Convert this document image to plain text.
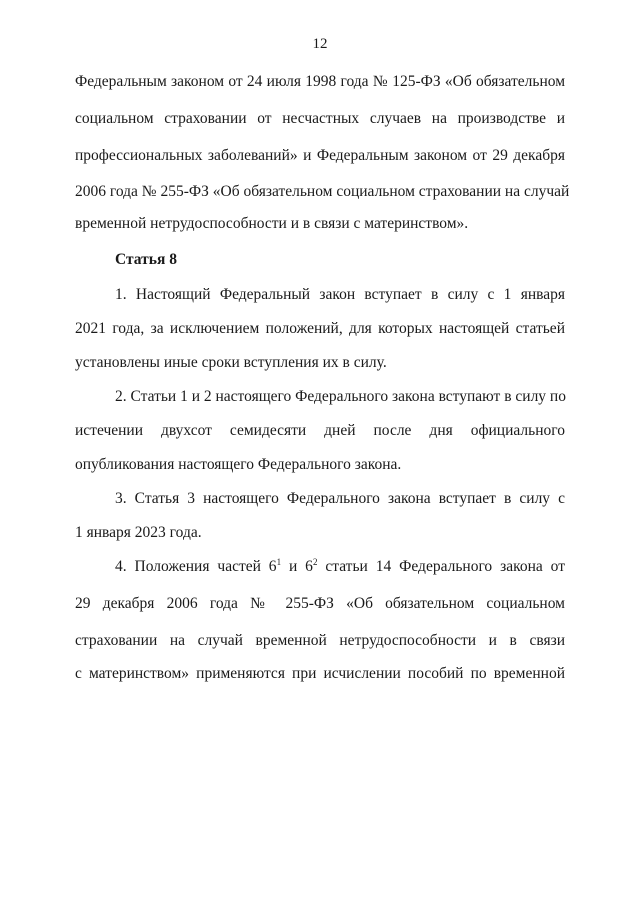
12
Федеральным законом от 24 июля 1998 года № 125-ФЗ «Об обязательном
социальном страховании от несчастных случаев на производстве и
профессиональных заболеваний» и Федеральным законом от 29 декабря
2006 года № 255-ФЗ «Об обязательном социальном страховании на случай
временной нетрудоспособности и в связи с материнством».
Статья 8
1. Настоящий Федеральный закон вступает в силу с 1 января
2021 года, за исключением положений, для которых настоящей статьей
установлены иные сроки вступления их в силу.
2. Статьи 1 и 2 настоящего Федерального закона вступают в силу по
истечении двухсот семидесяти дней после дня официального
опубликования настоящего Федерального закона.
3. Статья 3 настоящего Федерального закона вступает в силу с
1 января 2023 года.
4. Положения частей $6^1$ и $6^2$ статьи 14 Федерального закона от
29 декабря 2006 года № 255-ФЗ «Об обязательном социальном
страховании на случай временной нетрудоспособности и в связи
с материнством» применяются при исчислении пособий по временной
